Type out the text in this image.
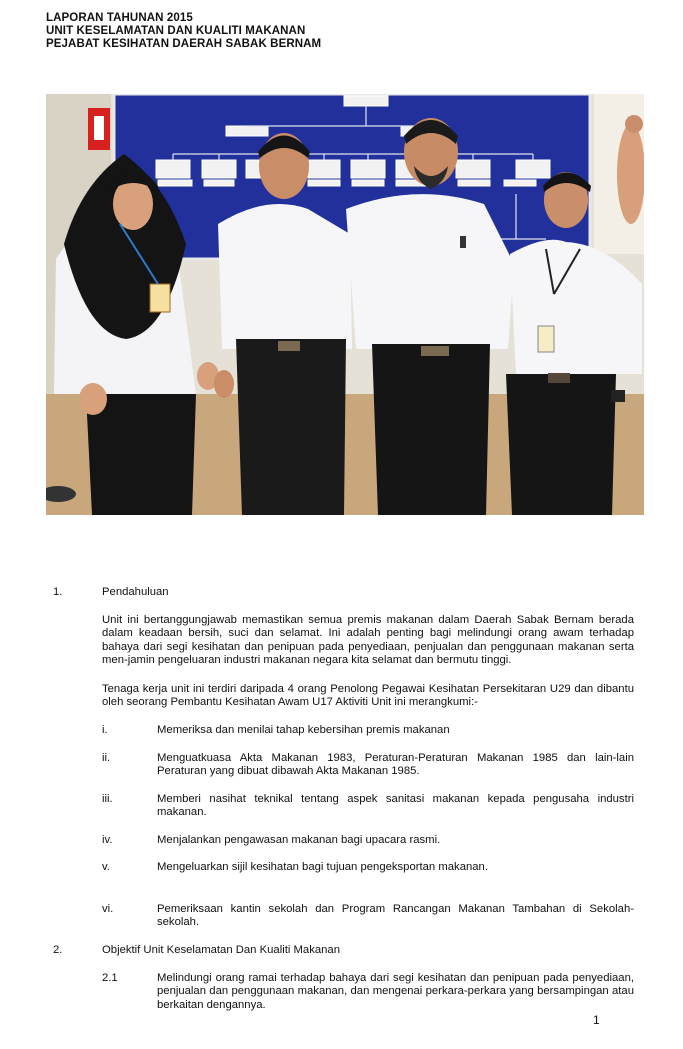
LAPORAN TAHUNAN 2015
UNIT KESELAMATAN DAN KUALITI MAKANAN
PEJABAT KESIHATAN DAERAH SABAK BERNAM
1.	Pendahuluan
Unit ini bertanggungjawab memastikan semua premis makanan dalam Daerah Sabak Bernam berada dalam keadaan bersih, suci dan selamat. Ini adalah penting bagi melindungi orang awam terhadap bahaya dari segi kesihatan dan penipuan pada penyediaan, penjualan dan penggunaan makanan serta men-jamin pengeluaran industri makanan negara kita selamat dan bermutu tinggi.
Tenaga kerja unit ini terdiri daripada 4 orang Penolong Pegawai Kesihatan Persekitaran U29 dan dibantu oleh seorang Pembantu Kesihatan Awam U17 Aktiviti Unit ini merangkumi:-
i.	Memeriksa dan menilai tahap kebersihan premis makanan
ii.	Menguatkuasa Akta Makanan 1983, Peraturan-Peraturan Makanan 1985 dan lain-lain Peraturan yang dibuat dibawah Akta Makanan 1985.
iii.	Memberi nasihat teknikal tentang aspek sanitasi makanan kepada pengusaha industri makanan.
iv.	Menjalankan pengawasan makanan bagi upacara rasmi.
v.	Mengeluarkan sijil kesihatan bagi tujuan pengeksportan makanan.
vi.	Pemeriksaan kantin sekolah dan Program Rancangan Makanan Tambahan di Sekolah-sekolah.
2.	Objektif Unit Keselamatan Dan Kualiti Makanan
2.1	Melindungi orang ramai terhadap bahaya dari segi kesihatan dan penipuan pada penyediaan, penjualan dan penggunaan makanan, dan mengenai perkara-perkara yang bersampingan atau berkaitan dengannya.
1
